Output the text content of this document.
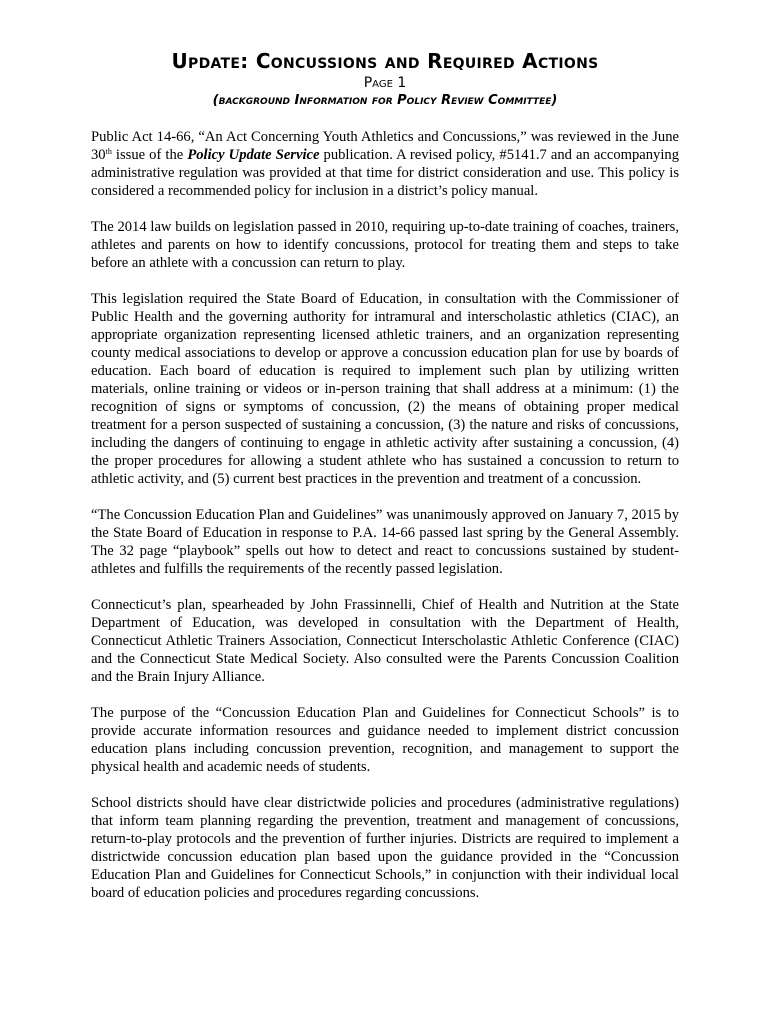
Update: Concussions and Required Actions
Page 1
(background Information for Policy Review Committee)

Public Act 14-66, “An Act Concerning Youth Athletics and Concussions,” was reviewed in the June 30th issue of the Policy Update Service publication. A revised policy, #5141.7 and an accompanying administrative regulation was provided at that time for district consideration and use. This policy is considered a recommended policy for inclusion in a district’s policy manual.

The 2014 law builds on legislation passed in 2010, requiring up-to-date training of coaches, trainers, athletes and parents on how to identify concussions, protocol for treating them and steps to take before an athlete with a concussion can return to play.

This legislation required the State Board of Education, in consultation with the Commissioner of Public Health and the governing authority for intramural and interscholastic athletics (CIAC), an appropriate organization representing licensed athletic trainers, and an organization representing county medical associations to develop or approve a concussion education plan for use by boards of education. Each board of education is required to implement such plan by utilizing written materials, online training or videos or in-person training that shall address at a minimum: (1) the recognition of signs or symptoms of concussion, (2) the means of obtaining proper medical treatment for a person suspected of sustaining a concussion, (3) the nature and risks of concussions, including the dangers of continuing to engage in athletic activity after sustaining a concussion, (4) the proper procedures for allowing a student athlete who has sustained a concussion to return to athletic activity, and (5) current best practices in the prevention and treatment of a concussion.

“The Concussion Education Plan and Guidelines” was unanimously approved on January 7, 2015 by the State Board of Education in response to P.A. 14-66 passed last spring by the General Assembly. The 32 page “playbook” spells out how to detect and react to concussions sustained by student-athletes and fulfills the requirements of the recently passed legislation.

Connecticut’s plan, spearheaded by John Frassinnelli, Chief of Health and Nutrition at the State Department of Education, was developed in consultation with the Department of Health, Connecticut Athletic Trainers Association, Connecticut Interscholastic Athletic Conference (CIAC) and the Connecticut State Medical Society. Also consulted were the Parents Concussion Coalition and the Brain Injury Alliance.

The purpose of the “Concussion Education Plan and Guidelines for Connecticut Schools” is to provide accurate information resources and guidance needed to implement district concussion education plans including concussion prevention, recognition, and management to support the physical health and academic needs of students.

School districts should have clear districtwide policies and procedures (administrative regulations) that inform team planning regarding the prevention, treatment and management of concussions, return-to-play protocols and the prevention of further injuries. Districts are required to implement a districtwide concussion education plan based upon the guidance provided in the “Concussion Education Plan and Guidelines for Connecticut Schools,” in conjunction with their individual local board of education policies and procedures regarding concussions.
